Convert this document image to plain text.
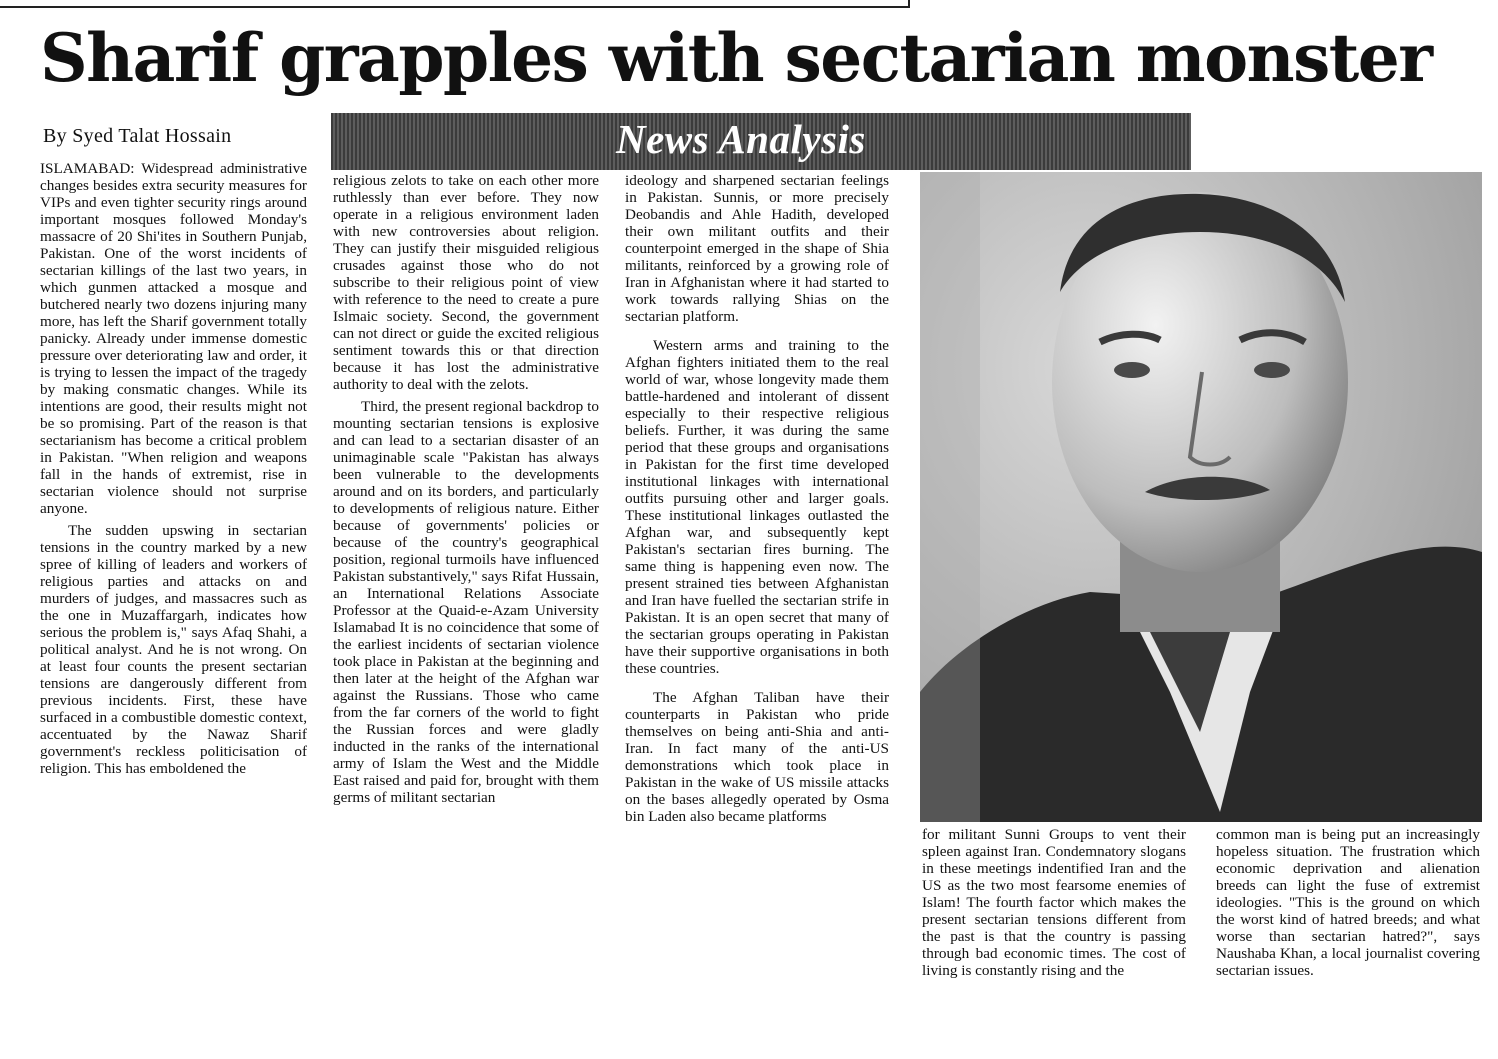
Sharif grapples with sectarian monster
By Syed Talat Hossain	News Analysis

ISLAMABAD: Widespread administrative changes besides extra security measures for VIPs and even tighter security rings around important mosques followed Monday's massacre of 20 Shi'ites in Southern Punjab, Pakistan. One of the worst incidents of sectarian killings of the last two years, in which gunmen attacked a mosque and butchered nearly two dozens injuring many more, has left the Sharif government totally panicky. Already under immense domestic pressure over deteriorating law and order, it is trying to lessen the impact of the tragedy by making consmatic changes. While its intentions are good, their results might not be so promising. Part of the reason is that sectarianism has become a critical problem in Pakistan. "When religion and weapons fall in the hands of extremist, rise in sectarian violence should not surprise anyone.

The sudden upswing in sectarian tensions in the country marked by a new spree of killing of leaders and workers of religious parties and attacks on and murders of judges, and massacres such as the one in Muzaffargarh, indicates how serious the problem is," says Afaq Shahi, a political analyst. And he is not wrong. On at least four counts the present sectarian tensions are dangerously different from previous incidents. First, these have surfaced in a combustible domestic context, accentuated by the Nawaz Sharif government's reckless politicisation of religion. This has emboldened the

religious zelots to take on each other more ruthlessly than ever before. They now operate in a religious environment laden with new controversies about religion. They can justify their misguided religious crusades against those who do not subscribe to their religious point of view with reference to the need to create a pure Islmaic society. Second, the government can not direct or guide the excited religious sentiment towards this or that direction because it has lost the administrative authority to deal with the zelots.

Third, the present regional backdrop to mounting sectarian tensions is explosive and can lead to a sectarian disaster of an unimaginable scale "Pakistan has always been vulnerable to the developments around and on its borders, and particularly to developments of religious nature. Either because of governments' policies or because of the country's geographical position, regional turmoils have influenced Pakistan substantively," says Rifat Hussain, an International Relations Associate Professor at the Quaid-e-Azam University Islamabad It is no coincidence that some of the earliest incidents of sectarian violence took place in Pakistan at the beginning and then later at the height of the Afghan war against the Russians. Those who came from the far corners of the world to fight the Russian forces and were gladly inducted in the ranks of the international army of Islam the West and the Middle East raised and paid for, brought with them germs of militant sectarian

ideology and sharpened sectarian feelings in Pakistan. Sunnis, or more precisely Deobandis and Ahle Hadith, developed their own militant outfits and their counterpoint emerged in the shape of Shia militants, reinforced by a growing role of Iran in Afghanistan where it had started to work towards rallying Shias on the sectarian platform.

Western arms and training to the Afghan fighters initiated them to the real world of war, whose longevity made them battle-hardened and intolerant of dissent especially to their respective religious beliefs. Further, it was during the same period that these groups and organisations in Pakistan for the first time developed institutional linkages with international outfits pursuing other and larger goals. These institutional linkages outlasted the Afghan war, and subsequently kept Pakistan's sectarian fires burning. The same thing is happening even now. The present strained ties between Afghanistan and Iran have fuelled the sectarian strife in Pakistan. It is an open secret that many of the sectarian groups operating in Pakistan have their supportive organisations in both these countries.

The Afghan Taliban have their counterparts in Pakistan who pride themselves on being anti-Shia and anti-Iran. In fact many of the anti-US demonstrations which took place in Pakistan in the wake of US missile attacks on the bases allegedly operated by Osma bin Laden also became platforms

for militant Sunni Groups to vent their spleen against Iran. Condemnatory slogans in these meetings indentified Iran and the US as the two most fearsome enemies of Islam! The fourth factor which makes the present sectarian tensions different from the past is that the country is passing through bad economic times. The cost of living is constantly rising and the

common man is being put an increasingly hopeless situation. The frustration which economic deprivation and alienation breeds can light the fuse of extremist ideologies. "This is the ground on which the worst kind of hatred breeds; and what worse than sectarian hatred?", says Naushaba Khan, a local journalist covering sectarian issues.
